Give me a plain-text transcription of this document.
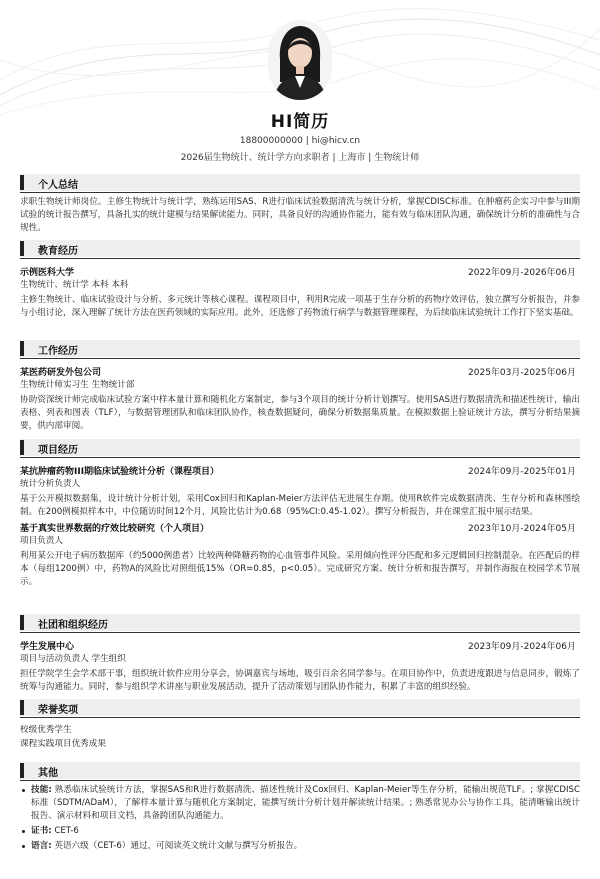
HI简历
18800000000 | hi@hicv.cn
2026届生物统计、统计学方向求职者 | 上海市 | 生物统计师
个人总结
求职生物统计师岗位。主修生物统计与统计学，熟练运用SAS、R进行临床试验数据清洗与统计分析，掌握CDISC标准。在肿瘤药企实习中参与III期试验的统计报告撰写，具备扎实的统计建模与结果解读能力。同时，具备良好的沟通协作能力，能有效与临床团队沟通，确保统计分析的准确性与合规性。
教育经历
示例医科大学	2022年09月-2026年06月
生物统计、统计学 本科 本科
主修生物统计、临床试验设计与分析、多元统计等核心课程。课程项目中，利用R完成一项基于生存分析的药物疗效评估，独立撰写分析报告，并参与小组讨论，深入理解了统计方法在医药领域的实际应用。此外，还选修了药物流行病学与数据管理课程，为后续临床试验统计工作打下坚实基础。
工作经历
某医药研发外包公司	2025年03月-2025年06月
生物统计师实习生 生物统计部
协助资深统计师完成临床试验方案中样本量计算和随机化方案制定，参与3个项目的统计分析计划撰写。使用SAS进行数据清洗和描述性统计，输出表格、列表和图表（TLF），与数据管理团队和临床团队协作，核查数据疑问，确保分析数据集质量。在模拟数据上验证统计方法，撰写分析结果摘要，供内部审阅。
项目经历
某抗肿瘤药物III期临床试验统计分析（课程项目）	2024年09月-2025年01月
统计分析负责人
基于公开模拟数据集，设计统计分析计划，采用Cox回归和Kaplan-Meier方法评估无进展生存期。使用R软件完成数据清洗、生存分析和森林图绘制。在200例模拟样本中，中位随访时间12个月，风险比估计为0.68（95%CI:0.45-1.02）。撰写分析报告，并在课堂汇报中展示结果。
基于真实世界数据的疗效比较研究（个人项目）	2023年10月-2024年05月
项目负责人
利用某公开电子病历数据库（约5000例患者）比较两种降糖药物的心血管事件风险。采用倾向性评分匹配和多元逻辑回归控制混杂。在匹配后的样本（每组1200例）中，药物A的风险比对照组低15%（OR=0.85，p<0.05）。完成研究方案、统计分析和报告撰写，并制作海报在校园学术节展示。
社团和组织经历
学生发展中心	2023年09月-2024年06月
项目与活动负责人 学生组织
担任学院学生会学术部干事，组织统计软件应用分享会，协调嘉宾与场地，吸引百余名同学参与。在项目协作中，负责进度跟进与信息同步，锻炼了统筹与沟通能力。同时，参与组织学术讲座与职业发展活动，提升了活动策划与团队协作能力，积累了丰富的组织经验。
荣誉奖项
校级优秀学生
课程实践项目优秀成果
其他
技能: 熟悉临床试验统计方法，掌握SAS和R进行数据清洗、描述性统计及Cox回归、Kaplan-Meier等生存分析，能输出规范TLF。; 掌握CDISC标准（SDTM/ADaM），了解样本量计算与随机化方案制定，能撰写统计分析计划并解读统计结果。; 熟悉常见办公与协作工具，能清晰输出统计报告、演示材料和项目文档，具备跨团队沟通能力。
证书: CET-6
语言: 英语六级（CET-6）通过，可阅读英文统计文献与撰写分析报告。
